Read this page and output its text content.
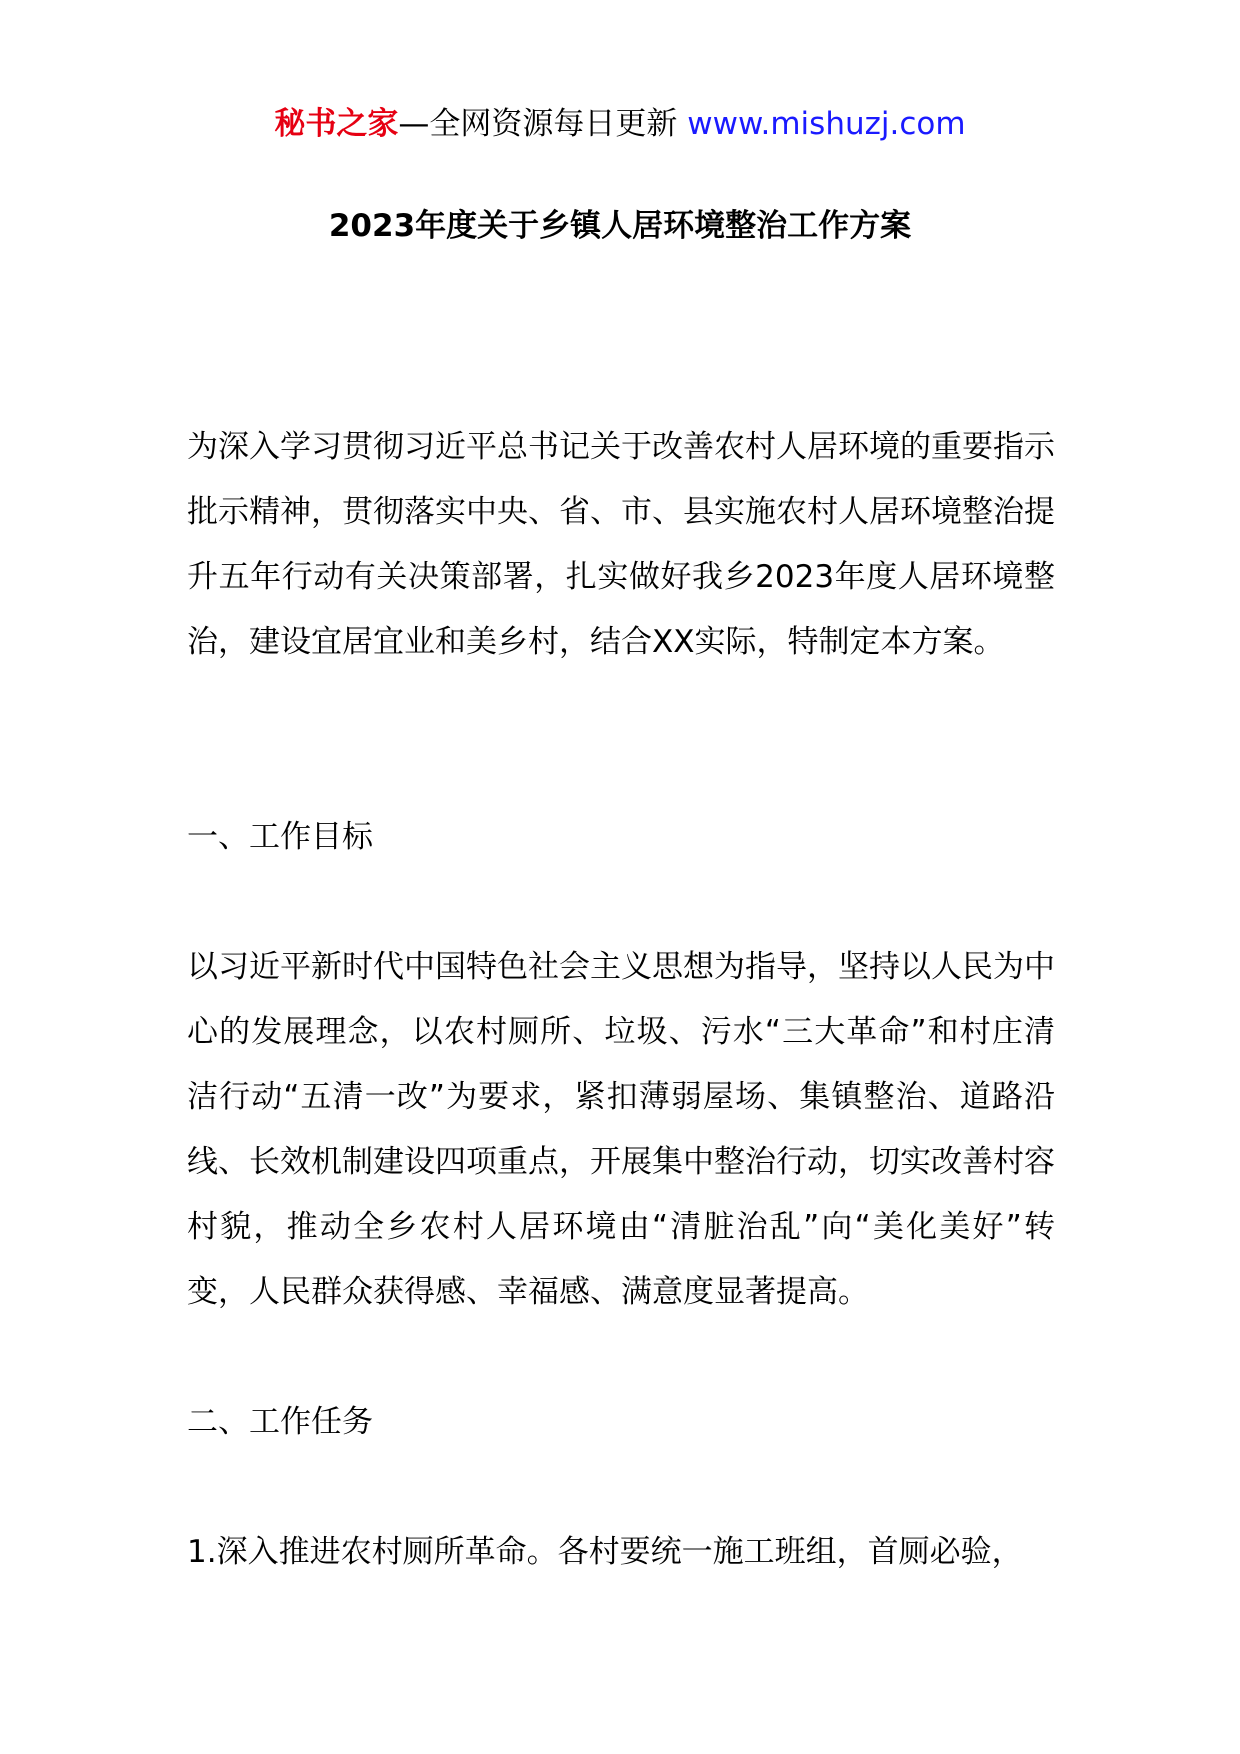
秘书之家—全网资源每日更新 www.mishuzj.com
2023年度关于乡镇人居环境整治工作方案

为深入学习贯彻习近平总书记关于改善农村人居环境的重要指示批示精神，贯彻落实中央、省、市、县实施农村人居环境整治提升五年行动有关决策部署，扎实做好我乡2023年度人居环境整治，建设宜居宜业和美乡村，结合XX实际，特制定本方案。

一、工作目标

以习近平新时代中国特色社会主义思想为指导，坚持以人民为中心的发展理念，以农村厕所、垃圾、污水“三大革命”和村庄清洁行动“五清一改”为要求，紧扣薄弱屋场、集镇整治、道路沿线、长效机制建设四项重点，开展集中整治行动，切实改善村容村貌，推动全乡农村人居环境由“清脏治乱”向“美化美好”转变，人民群众获得感、幸福感、满意度显著提高。

二、工作任务

1.深入推进农村厕所革命。各村要统一施工班组，首厕必验，
